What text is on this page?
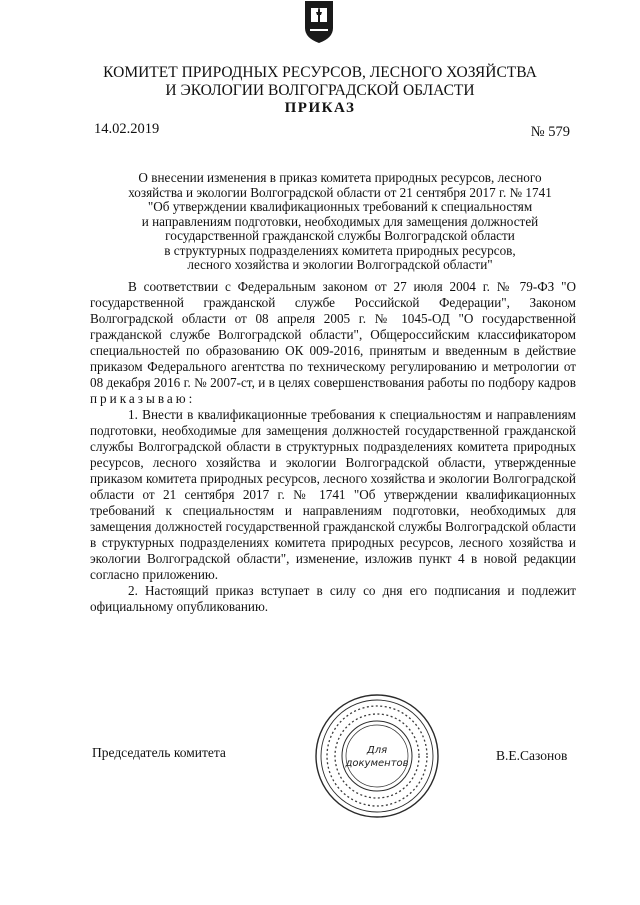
КОМИТЕТ ПРИРОДНЫХ РЕСУРСОВ, ЛЕСНОГО ХОЗЯЙСТВА
И ЭКОЛОГИИ ВОЛГОГРАДСКОЙ ОБЛАСТИ
ПРИКАЗ
14.02.2019	№ 579
О внесении изменения в приказ комитета природных ресурсов, лесного
хозяйства и экологии Волгоградской области от 21 сентября 2017 г. № 1741
"Об утверждении квалификационных требований к специальностям
и направлениям подготовки, необходимых для замещения должностей
государственной гражданской службы Волгоградской области
в структурных подразделениях комитета природных ресурсов,
лесного хозяйства и экологии Волгоградской области"

В соответствии с Федеральным законом от 27 июля 2004 г. № 79-ФЗ "О государственной гражданской службе Российской Федерации", Законом Волгоградской области от 08 апреля 2005 г. № 1045-ОД "О государственной гражданской службе Волгоградской области", Общероссийским классификатором специальностей по образованию ОК 009-2016, принятым и введенным в действие приказом Федерального агентства по техническому регулированию и метрологии от 08 декабря 2016 г. № 2007-ст, и в целях совершенствования работы по подбору кадров приказываю:

1. Внести в квалификационные требования к специальностям и направлениям подготовки, необходимые для замещения должностей государственной гражданской службы Волгоградской области в структурных подразделениях комитета природных ресурсов, лесного хозяйства и экологии Волгоградской области, утвержденные приказом комитета природных ресурсов, лесного хозяйства и экологии Волгоградской области от 21 сентября 2017 г. № 1741 "Об утверждении квалификационных требований к специальностям и направлениям подготовки, необходимых для замещения должностей государственной гражданской службы Волгоградской области в структурных подразделениях комитета природных ресурсов, лесного хозяйства и экологии Волгоградской области", изменение, изложив пункт 4 в новой редакции согласно приложению.

2. Настоящий приказ вступает в силу со дня его подписания и подлежит официальному опубликованию.

Председатель комитета	Для
документов
В.Е.Сазонов
